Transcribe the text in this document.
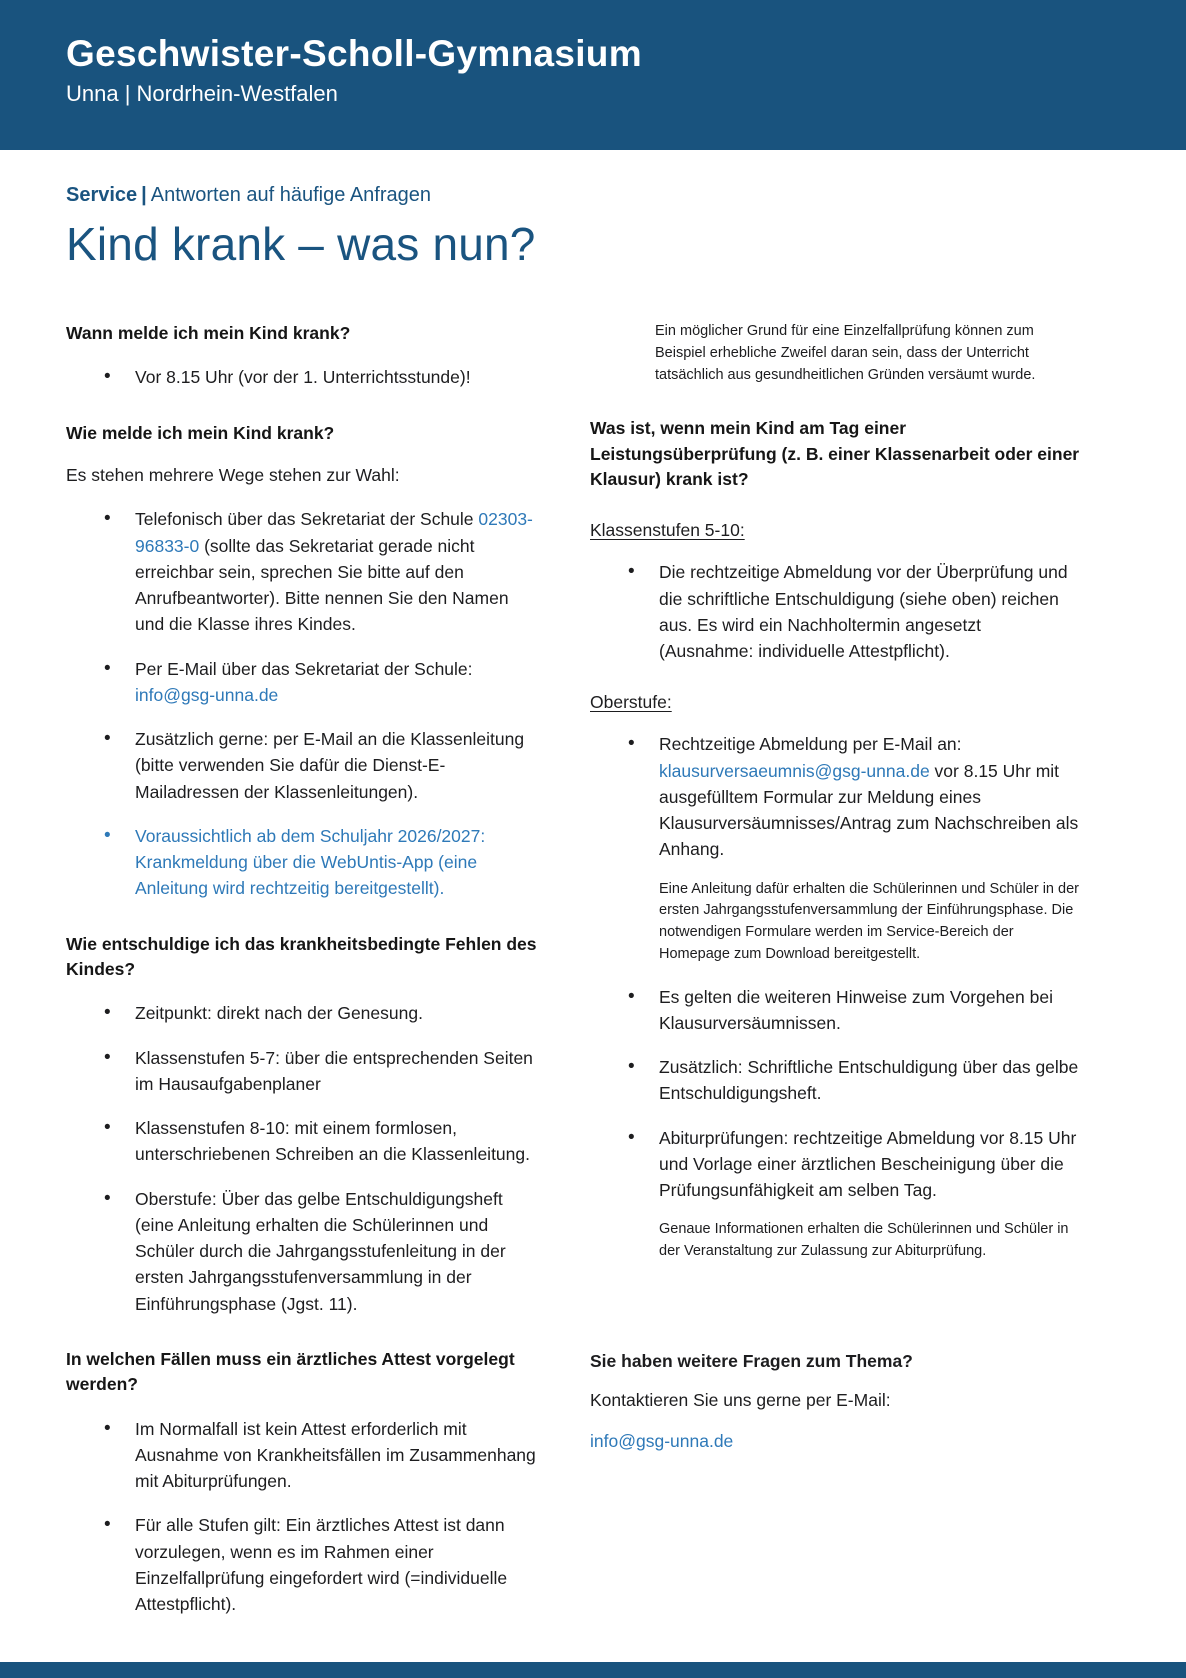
Geschwister-Scholl-Gymnasium
Unna | Nordrhein-Westfalen
Service | Antworten auf häufige Anfragen
Kind krank – was nun?
Wann melde ich mein Kind krank?
• Vor 8.15 Uhr (vor der 1. Unterrichtsstunde)!
Wie melde ich mein Kind krank?

Es stehen mehrere Wege stehen zur Wahl:

• Telefonisch über das Sekretariat der Schule 02303-96833-0 (sollte das Sekretariat gerade nicht erreichbar sein, sprechen Sie bitte auf den Anrufbeantworter). Bitte nennen Sie den Namen und die Klasse ihres Kindes.
• Per E-Mail über das Sekretariat der Schule: info@gsg-unna.de
• Zusätzlich gerne: per E-Mail an die Klassenleitung (bitte verwenden Sie dafür die Dienst-E-Mailadressen der Klassenleitungen).
• Voraussichtlich ab dem Schuljahr 2026/2027: Krankmeldung über die WebUntis-App (eine Anleitung wird rechtzeitig bereitgestellt).
Wie entschuldige ich das krankheitsbedingte Fehlen des Kindes?
• Zeitpunkt: direkt nach der Genesung.
• Klassenstufen 5-7: über die entsprechenden Seiten im Hausaufgabenplaner
• Klassenstufen 8-10: mit einem formlosen, unterschriebenen Schreiben an die Klassenleitung.
• Oberstufe: Über das gelbe Entschuldigungsheft (eine Anleitung erhalten die Schülerinnen und Schüler durch die Jahrgangsstufenleitung in der ersten Jahrgangsstufenversammlung in der Einführungsphase (Jgst. 11).
In welchen Fällen muss ein ärztliches Attest vorgelegt werden?
• Im Normalfall ist kein Attest erforderlich mit Ausnahme von Krankheitsfällen im Zusammenhang mit Abiturprüfungen.
• Für alle Stufen gilt: Ein ärztliches Attest ist dann vorzulegen, wenn es im Rahmen einer Einzelfallprüfung eingefordert wird (=individuelle Attestpflicht).
Ein möglicher Grund für eine Einzelfallprüfung können zum Beispiel erhebliche Zweifel daran sein, dass der Unterricht tatsächlich aus gesundheitlichen Gründen versäumt wurde.
Was ist, wenn mein Kind am Tag einer Leistungsüberprüfung (z. B. einer Klassenarbeit oder einer Klausur) krank ist?
Klassenstufen 5-10:
• Die rechtzeitige Abmeldung vor der Überprüfung und die schriftliche Entschuldigung (siehe oben) reichen aus. Es wird ein Nachholtermin angesetzt (Ausnahme: individuelle Attestpflicht).
Oberstufe:
• Rechtzeitige Abmeldung per E-Mail an: klausurversaeumnis@gsg-unna.de vor 8.15 Uhr mit ausgefülltem Formular zur Meldung eines Klausurversäumnisses/Antrag zum Nachschreiben als Anhang.
Eine Anleitung dafür erhalten die Schülerinnen und Schüler in der ersten Jahrgangsstufenversammlung der Einführungsphase. Die notwendigen Formulare werden im Service-Bereich der Homepage zum Download bereitgestellt.
• Es gelten die weiteren Hinweise zum Vorgehen bei Klausurversäumnissen.
• Zusätzlich: Schriftliche Entschuldigung über das gelbe Entschuldigungsheft.
• Abiturprüfungen: rechtzeitige Abmeldung vor 8.15 Uhr und Vorlage einer ärztlichen Bescheinigung über die Prüfungsunfähigkeit am selben Tag.
Genaue Informationen erhalten die Schülerinnen und Schüler in der Veranstaltung zur Zulassung zur Abiturprüfung.
Sie haben weitere Fragen zum Thema?
Kontaktieren Sie uns gerne per E-Mail:
info@gsg-unna.de
